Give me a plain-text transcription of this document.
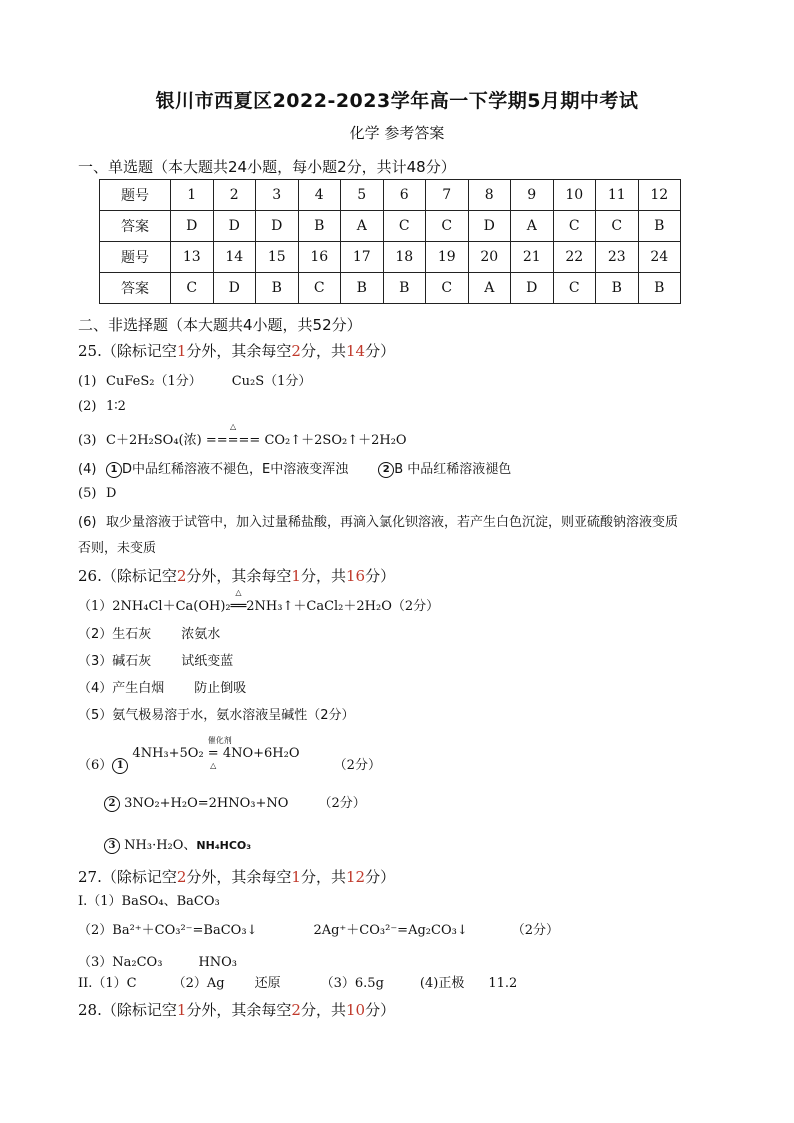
银川市西夏区2022-2023学年高一下学期5月期中考试
化学 参考答案
一、单选题（本大题共24小题，每小题2分，共计48分）
题号	1	2	3	4	5	6	7	8	9	10	11	12
答案	D	D	D	B	A	C	C	D	A	C	C	B
题号	13	14	15	16	17	18	19	20	21	22	23	24
答案	C	D	B	C	B	B	C	A	D	C	B	B
二、非选择题（本大题共4小题，共52分）
25.（除标记空1分外，其余每空2分，共14分）
(1) CuFeS₂（1分） Cu₂S（1分）
(2) 1∶2
(3) C＋2H₂SO₄(浓)
△
===== CO₂↑＋2SO₂↑＋2H₂O
(4) 1 D中品红稀溶液不褪色，E中溶液变浑浊	2 B 中品红稀溶液褪色
(5) D
(6) 取少量溶液于试管中，加入过量稀盐酸，再滴入氯化钡溶液，若产生白色沉淀，则亚硫酸钠溶液变质
否则，未变质
26.（除标记空2分外，其余每空1分，共16分）
（1）2NH₄Cl＋Ca(OH)₂
△
══2NH₃↑＋CaCl₂＋2H₂O（2分）
（2）生石灰 浓氨水
（3）碱石灰 试纸变蓝
（4）产生白烟 防止倒吸
（5）氨气极易溶于水，氨水溶液呈碱性（2分）
（6） 1 4NH₃+5O₂
催化剂
=
△
4NO+6H₂O （2分）
2 3NO₂+H₂O=2HNO₃+NO （2分）
3 NH₃·H₂O、NH₄HCO₃
27.（除标记空2分外，其余每空1分，共12分）
I.（1）BaSO₄、BaCO₃
（2）Ba²⁺＋CO₃²⁻=BaCO₃↓	2Ag⁺＋CO₃²⁻=Ag₂CO₃↓	（2分）
（3）Na₂CO₃	HNO₃
II.（1）C	（2）Ag 还原	（3）6.5g	(4)正极 11.2
28.（除标记空1分外，其余每空2分，共10分）
